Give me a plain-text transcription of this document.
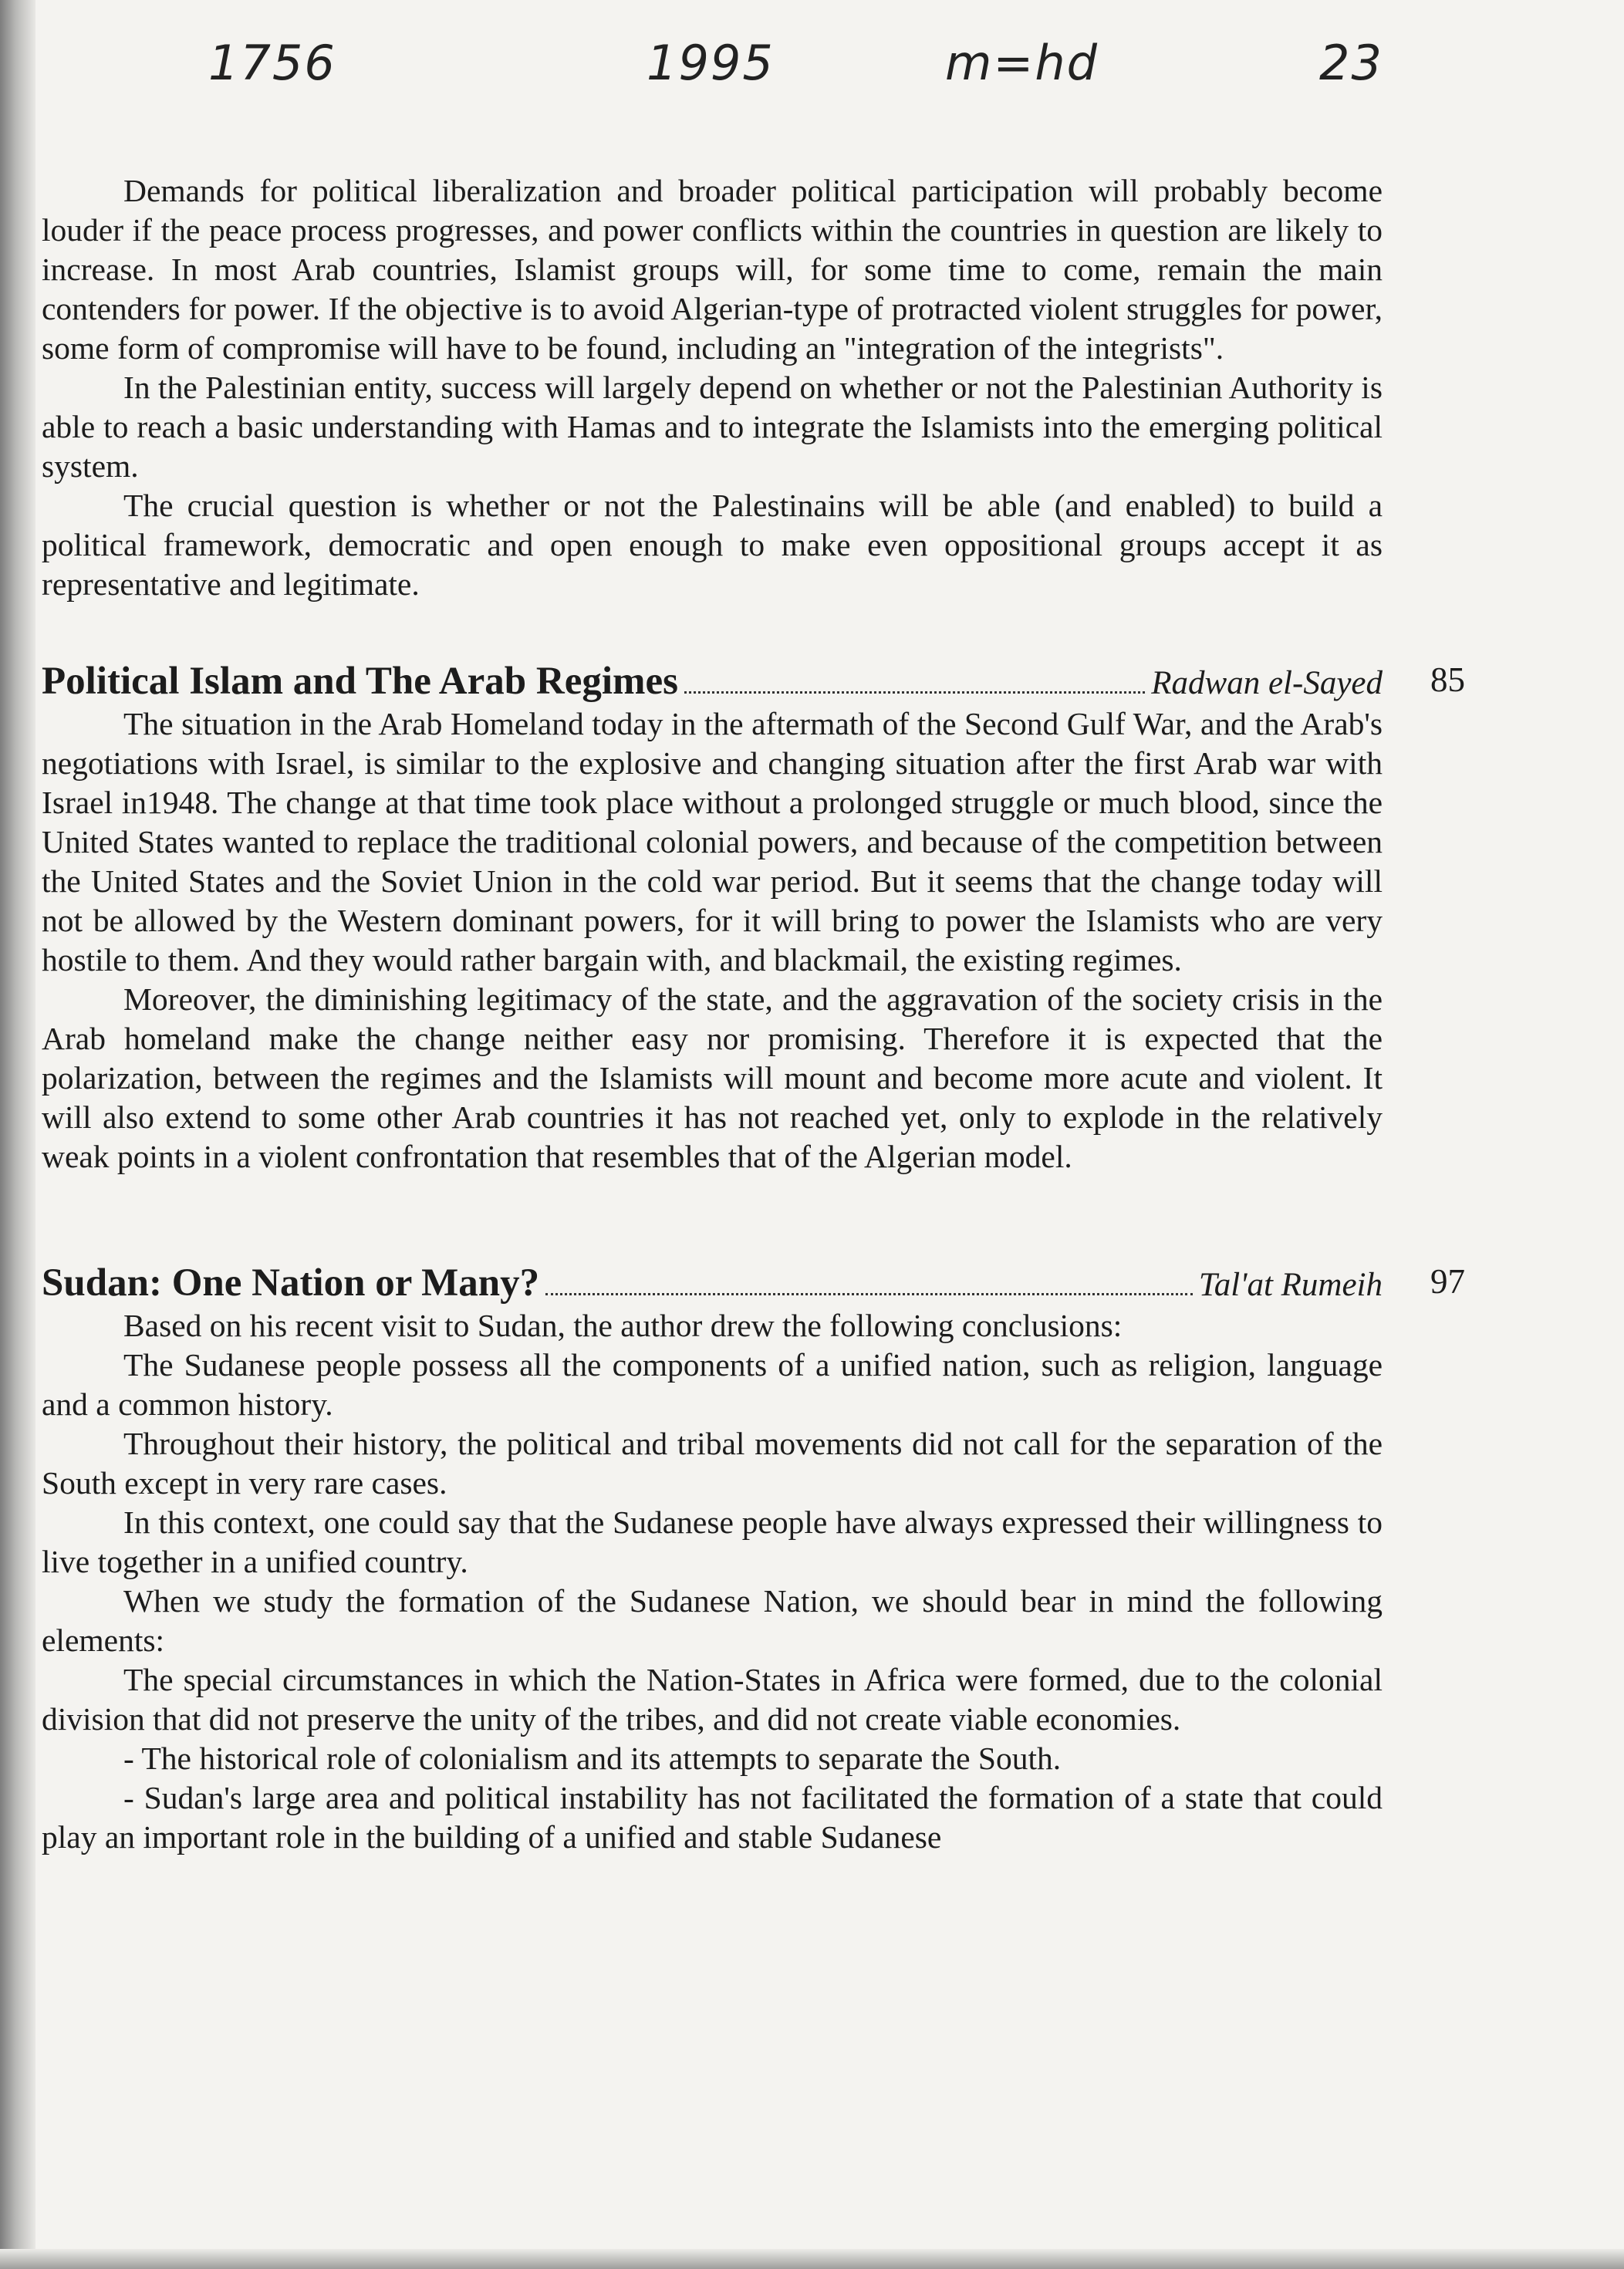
1756	1995	m=hd	23

Demands for political liberalization and broader political participation will probably become louder if the peace process progresses, and power conflicts within the countries in question are likely to increase. In most Arab countries, Islamist groups will, for some time to come, remain the main contenders for power. If the objective is to avoid Algerian-type of protracted violent struggles for power, some form of compromise will have to be found, including an "integration of the integrists".

In the Palestinian entity, success will largely depend on whether or not the Palestinian Authority is able to reach a basic understanding with Hamas and to integrate the Islamists into the emerging political system.

The crucial question is whether or not the Palestinains will be able (and enabled) to build a political framework, democratic and open enough to make even oppositional groups accept it as representative and legitimate.

Political Islam and The Arab Regimes	Radwan el-Sayed 85

The situation in the Arab Homeland today in the aftermath of the Second Gulf War, and the Arab's negotiations with Israel, is similar to the explosive and changing situation after the first Arab war with Israel in1948. The change at that time took place without a prolonged struggle or much blood, since the United States wanted to replace the traditional colonial powers, and because of the competition between the United States and the Soviet Union in the cold war period. But it seems that the change today will not be allowed by the Western dominant powers, for it will bring to power the Islamists who are very hostile to them. And they would rather bargain with, and blackmail, the existing regimes.

Moreover, the diminishing legitimacy of the state, and the aggravation of the society crisis in the Arab homeland make the change neither easy nor promising. Therefore it is expected that the polarization, between the regimes and the Islamists will mount and become more acute and violent. It will also extend to some other Arab countries it has not reached yet, only to explode in the relatively weak points in a violent confrontation that resembles that of the Algerian model.

Sudan: One Nation or Many?	Tal'at Rumeih 97

Based on his recent visit to Sudan, the author drew the following conclusions:

The Sudanese people possess all the components of a unified nation, such as religion, language and a common history.

Throughout their history, the political and tribal movements did not call for the separation of the South except in very rare cases.

In this context, one could say that the Sudanese people have always expressed their willingness to live together in a unified country.

When we study the formation of the Sudanese Nation, we should bear in mind the following elements:

The special circumstances in which the Nation-States in Africa were formed, due to the colonial division that did not preserve the unity of the tribes, and did not create viable economies.

- The historical role of colonialism and its attempts to separate the South.

- Sudan's large area and political instability has not facilitated the formation of a state that could play an important role in the building of a unified and stable Sudanese
